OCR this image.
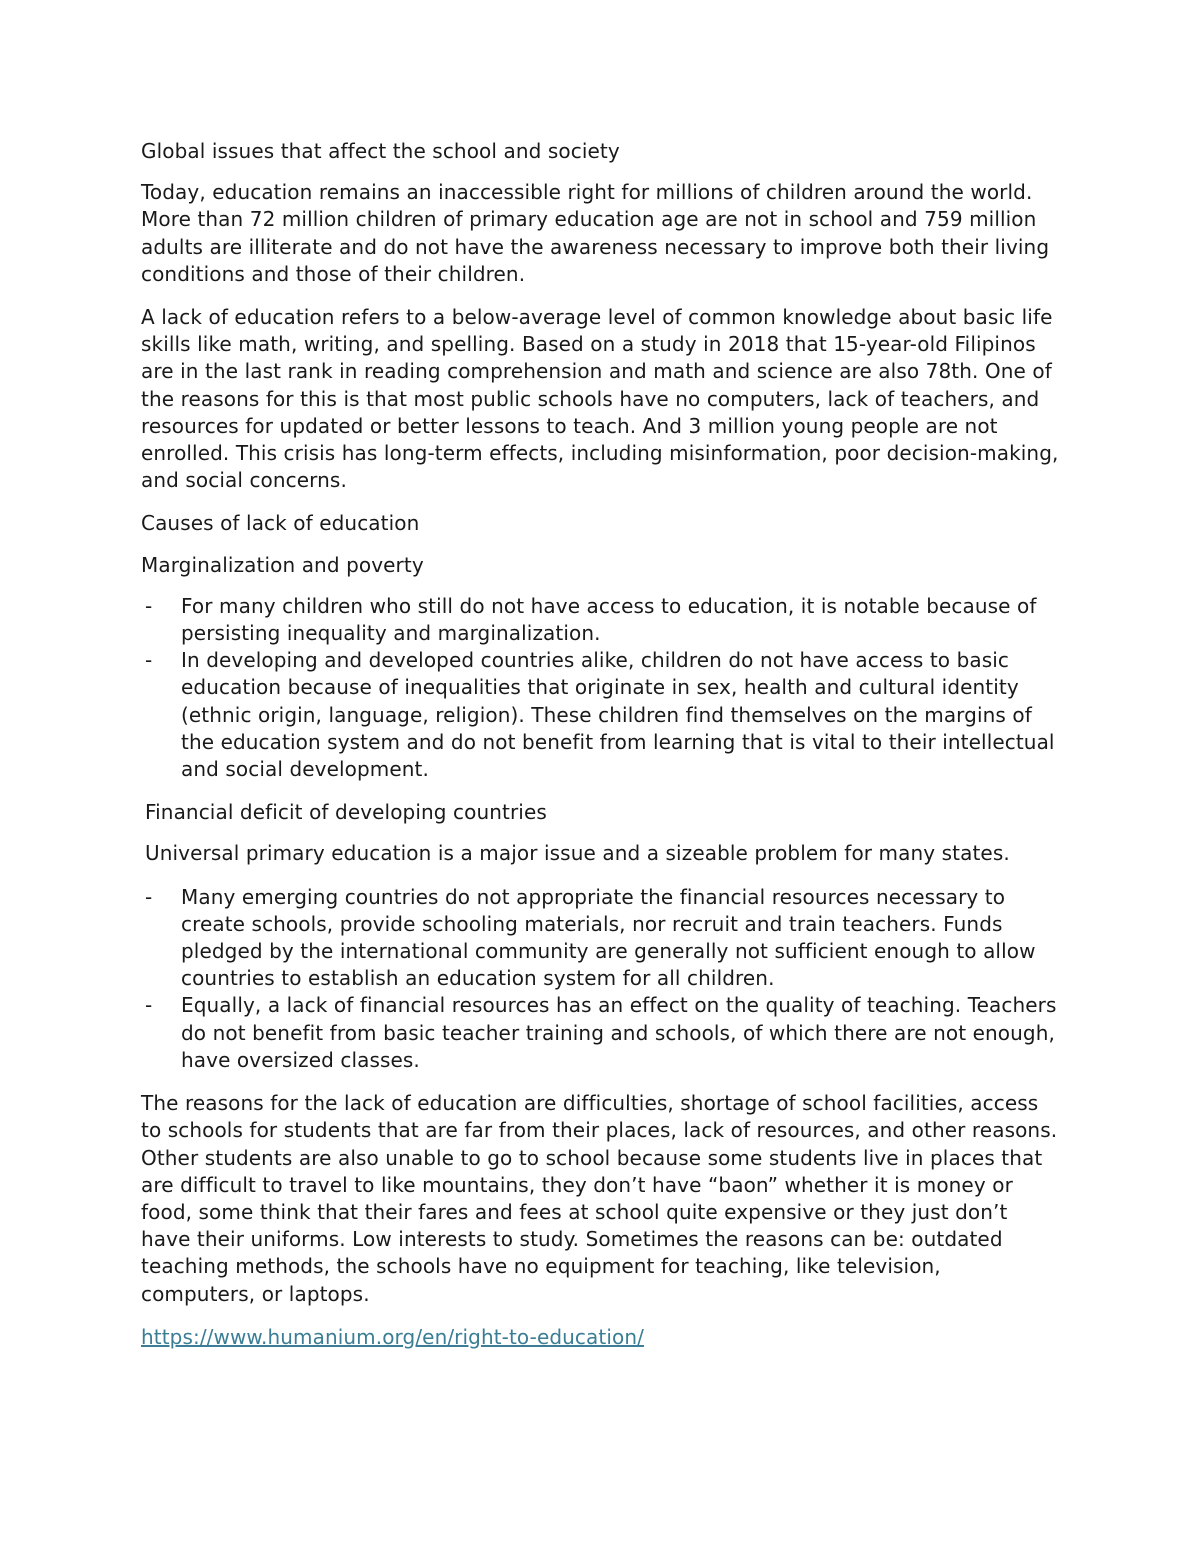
Global issues that affect the school and society

Today, education remains an inaccessible right for millions of children around the world. More than 72 million children of primary education age are not in school and 759 million adults are illiterate and do not have the awareness necessary to improve both their living conditions and those of their children.

A lack of education refers to a below-average level of common knowledge about basic life skills like math, writing, and spelling. Based on a study in 2018 that 15-year-old Filipinos are in the last rank in reading comprehension and math and science are also 78th. One of the reasons for this is that most public schools have no computers, lack of teachers, and resources for updated or better lessons to teach. And 3 million young people are not enrolled. This crisis has long-term effects, including misinformation, poor decision-making, and social concerns.

Causes of lack of education

Marginalization and poverty

- For many children who still do not have access to education, it is notable because of persisting inequality and marginalization.
- In developing and developed countries alike, children do not have access to basic education because of inequalities that originate in sex, health and cultural identity (ethnic origin, language, religion). These children find themselves on the margins of the education system and do not benefit from learning that is vital to their intellectual and social development.

Financial deficit of developing countries

Universal primary education is a major issue and a sizeable problem for many states.

- Many emerging countries do not appropriate the financial resources necessary to create schools, provide schooling materials, nor recruit and train teachers. Funds pledged by the international community are generally not sufficient enough to allow countries to establish an education system for all children.
- Equally, a lack of financial resources has an effect on the quality of teaching. Teachers do not benefit from basic teacher training and schools, of which there are not enough, have oversized classes.

The reasons for the lack of education are difficulties, shortage of school facilities, access to schools for students that are far from their places, lack of resources, and other reasons. Other students are also unable to go to school because some students live in places that are difficult to travel to like mountains, they don’t have “baon” whether it is money or food, some think that their fares and fees at school quite expensive or they just don’t have their uniforms. Low interests to study. Sometimes the reasons can be: outdated teaching methods, the schools have no equipment for teaching, like television, computers, or laptops.

https://www.humanium.org/en/right-to-education/
